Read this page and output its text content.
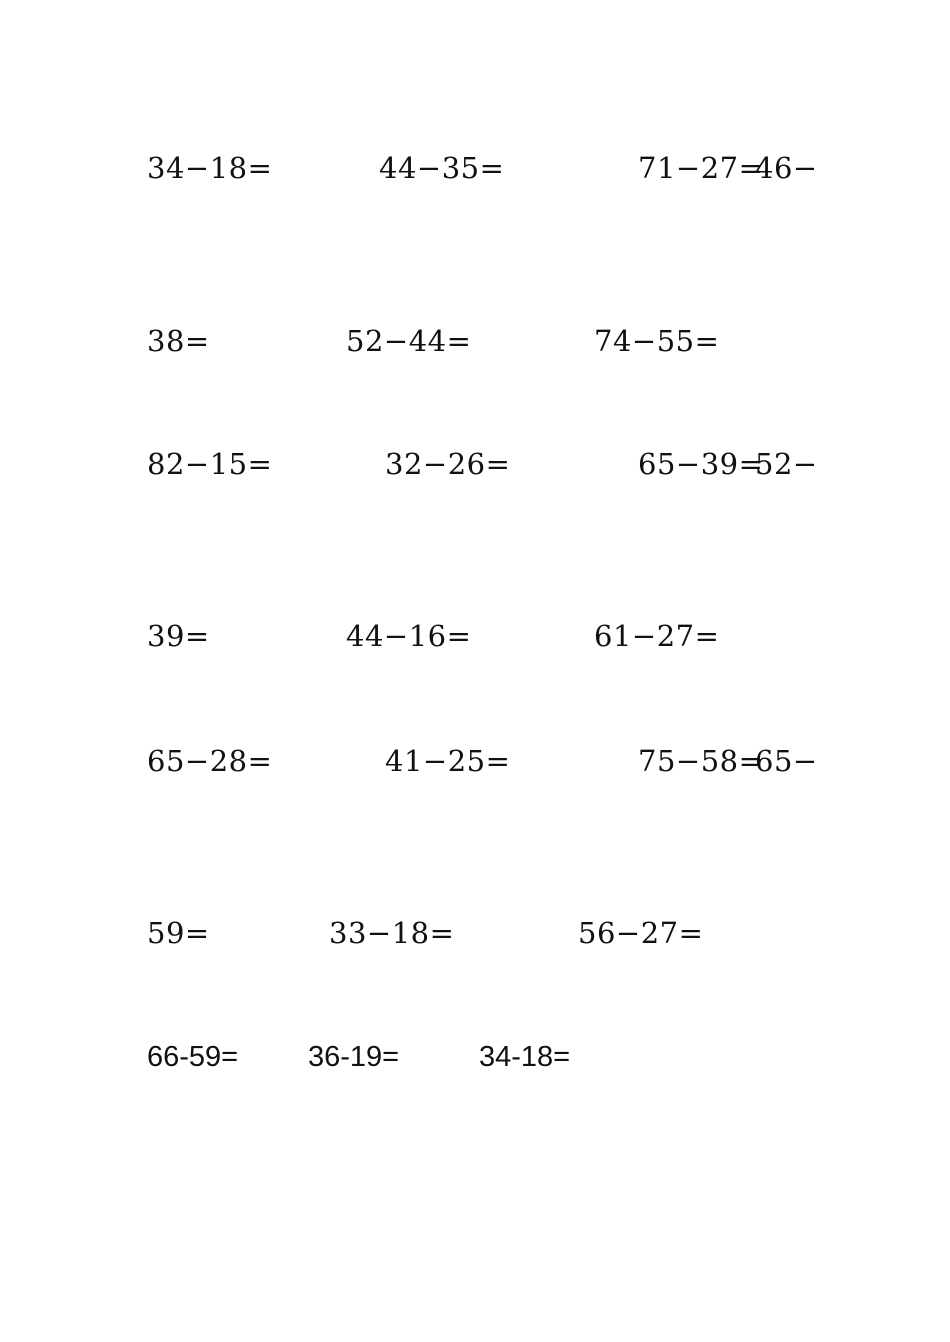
34−18=	44−35=	71−27=
46−
38=	52−44=	74−55=
82−15=	32−26=	65−39=
52−
39=	44−16=	61−27=
65−28=	41−25=	75−58=
65−
59=	33−18=	56−27=
66-59= 36-19=	34-18=
